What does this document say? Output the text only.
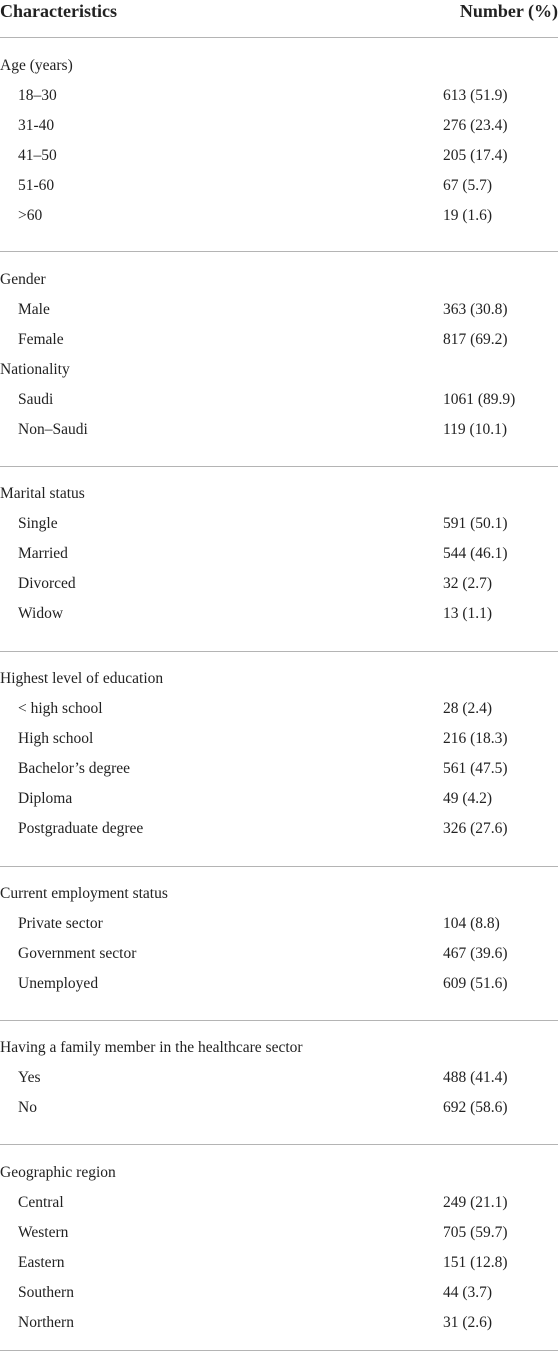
Characteristics	Number (%)
Age (years)
18–30	613 (51.9)
31-40	276 (23.4)
41–50	205 (17.4)
51-60	67 (5.7)
>60	19 (1.6)
Gender
Male	363 (30.8)
Female	817 (69.2)
Nationality
Saudi	1061 (89.9)
Non–Saudi	119 (10.1)
Marital status
Single	591 (50.1)
Married	544 (46.1)
Divorced	32 (2.7)
Widow	13 (1.1)
Highest level of education
< high school	28 (2.4)
High school	216 (18.3)
Bachelor’s degree	561 (47.5)
Diploma	49 (4.2)
Postgraduate degree	326 (27.6)
Current employment status
Private sector	104 (8.8)
Government sector	467 (39.6)
Unemployed	609 (51.6)
Having a family member in the healthcare sector
Yes	488 (41.4)
No	692 (58.6)
Geographic region
Central	249 (21.1)
Western	705 (59.7)
Eastern	151 (12.8)
Southern	44 (3.7)
Northern	31 (2.6)
